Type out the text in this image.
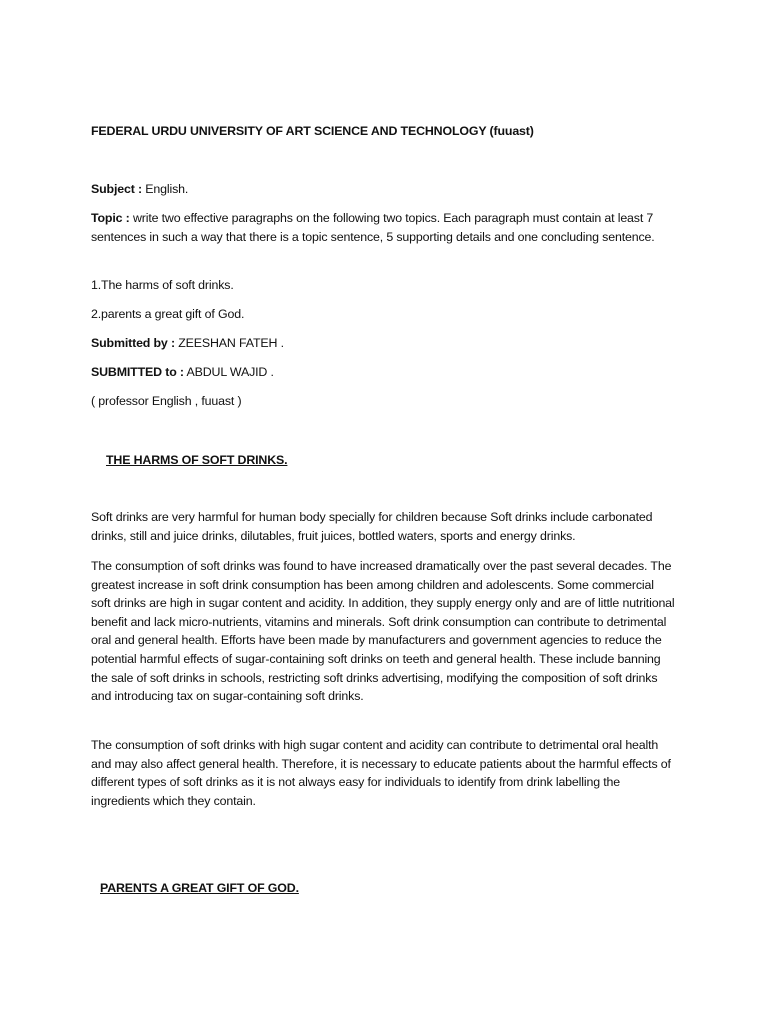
FEDERAL URDU UNIVERSITY OF ART SCIENCE AND TECHNOLOGY (fuuast)
Subject : English.
Topic : write two effective paragraphs on the following two topics. Each paragraph must contain at least 7 sentences in such a way that there is a topic sentence, 5 supporting details and one concluding sentence.
1.The harms of soft drinks.
2.parents a great gift of God.
Submitted by : ZEESHAN FATEH .
SUBMITTED to : ABDUL WAJID .
( professor English , fuuast )
THE HARMS OF SOFT DRINKS.
Soft drinks are very harmful for human body specially for children because Soft drinks include carbonated drinks, still and juice drinks, dilutables, fruit juices, bottled waters, sports and energy drinks.
The consumption of soft drinks was found to have increased dramatically over the past several decades. The greatest increase in soft drink consumption has been among children and adolescents. Some commercial soft drinks are high in sugar content and acidity. In addition, they supply energy only and are of little nutritional benefit and lack micro-nutrients, vitamins and minerals. Soft drink consumption can contribute to detrimental oral and general health. Efforts have been made by manufacturers and government agencies to reduce the potential harmful effects of sugar-containing soft drinks on teeth and general health. These include banning the sale of soft drinks in schools, restricting soft drinks advertising, modifying the composition of soft drinks and introducing tax on sugar-containing soft drinks.
The consumption of soft drinks with high sugar content and acidity can contribute to detrimental oral health and may also affect general health. Therefore, it is necessary to educate patients about the harmful effects of different types of soft drinks as it is not always easy for individuals to identify from drink labelling the ingredients which they contain.
PARENTS A GREAT GIFT OF GOD.
